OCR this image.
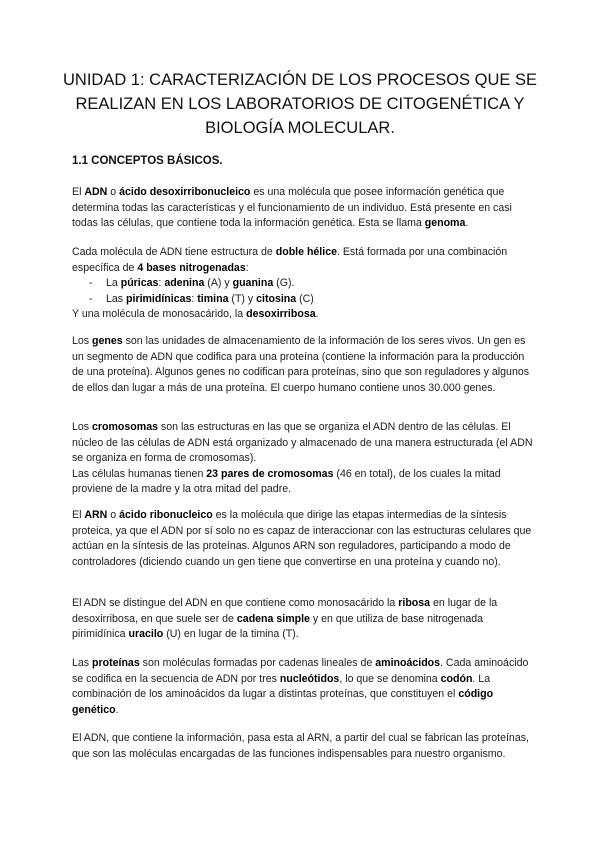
UNIDAD 1: CARACTERIZACIÓN DE LOS PROCESOS QUE SE REALIZAN EN LOS LABORATORIOS DE CITOGENÉTICA Y BIOLOGÍA MOLECULAR.
1.1 CONCEPTOS BÁSICOS.

El ADN o ácido desoxirribonucleico es una molécula que posee información genética que determina todas las características y el funcionamiento de un individuo. Está presente en casi todas las células, que contiene toda la información genética. Esta se llama genoma.

Cada molécula de ADN tiene estructura de doble hélice. Está formada por una combinación específica de 4 bases nitrogenadas:
- La púricas: adenina (A) y guanina (G).
- Las pirimidínicas: timina (T) y citosina (C)
Y una molécula de monosacárido, la desoxirribosa.

Los genes son las unidades de almacenamiento de la información de los seres vivos. Un gen es un segmento de ADN que codifica para una proteína (contiene la información para la producción de una proteína). Algunos genes no codifican para proteínas, sino que son reguladores y algunos de ellos dan lugar a más de una proteína. El cuerpo humano contiene unos 30.000 genes.

Los cromosomas son las estructuras en las que se organiza el ADN dentro de las células. El núcleo de las células de ADN está organizado y almacenado de una manera estructurada (el ADN se organiza en forma de cromosomas).
Las células humanas tienen 23 pares de cromosomas (46 en total), de los cuales la mitad proviene de la madre y la otra mitad del padre.

El ARN o ácido ribonucleico es la molécula que dirige las etapas intermedias de la síntesis proteica, ya que el ADN por sí solo no es capaz de interaccionar con las estructuras celulares que actúan en la síntesis de las proteínas. Algunos ARN son reguladores, participando a modo de controladores (diciendo cuando un gen tiene que convertirse en una proteína y cuando no).

El ADN se distingue del ADN en que contiene como monosacárido la ribosa en lugar de la desoxirribosa, en que suele ser de cadena simple y en que utiliza de base nitrogenada pirimidínica uracilo (U) en lugar de la timina (T).

Las proteínas son moléculas formadas por cadenas lineales de aminoácidos. Cada aminoácido se codifica en la secuencia de ADN por tres nucleótidos, lo que se denomina codón. La combinación de los aminoácidos da lugar a distintas proteínas, que constituyen el código genético.

El ADN, que contiene la información, pasa esta al ARN, a partir del cual se fabrican las proteínas, que son las moléculas encargadas de las funciones indispensables para nuestro organismo.
